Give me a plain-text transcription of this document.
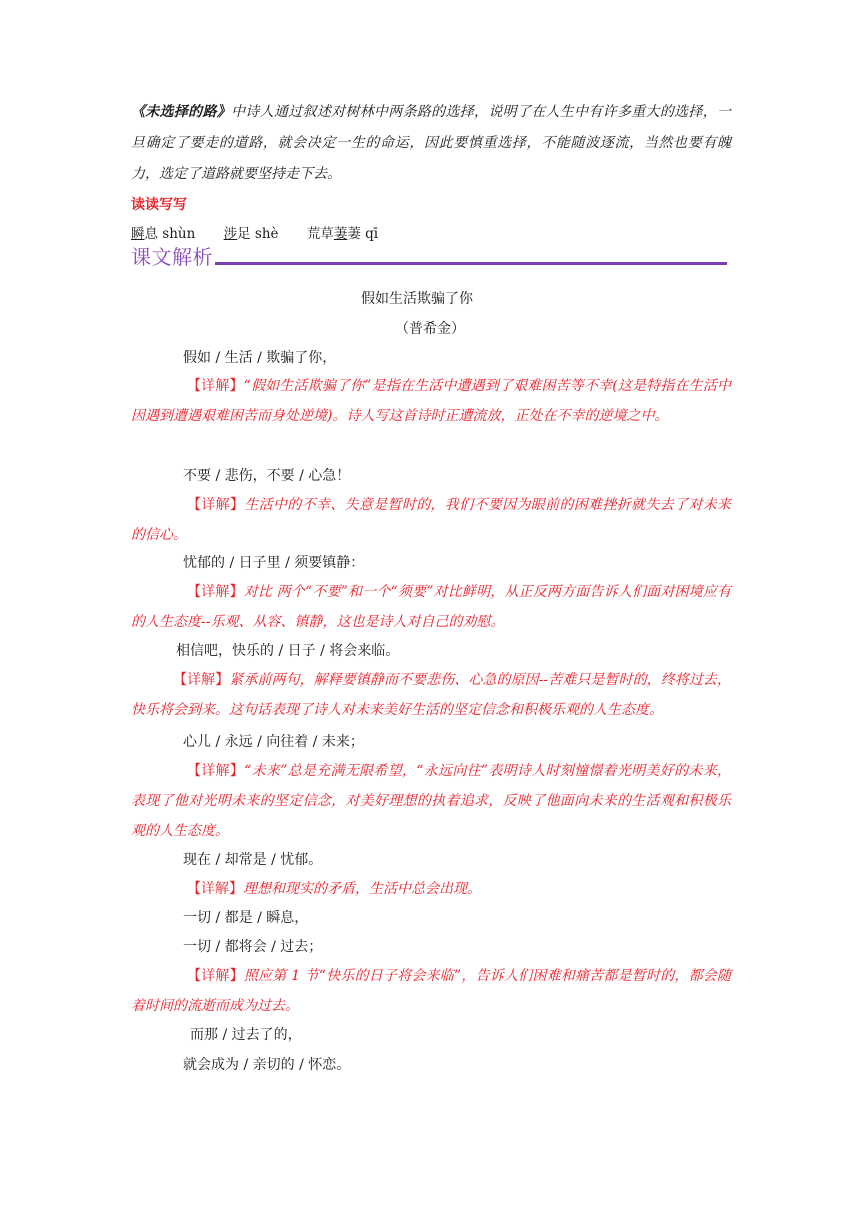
《未选择的路》中诗人通过叙述对树林中两条路的选择，说明了在人生中有许多重大的选择，一旦确定了要走的道路，就会决定一生的命运，因此要慎重选择，不能随波逐流，当然也要有魄力，选定了道路就要坚持走下去。
读读写写
瞬息 shùn 涉足 shè 荒草萋萋 qī
课文解析
假如生活欺骗了你
（普希金）
假如 / 生活 / 欺骗了你，
【详解】“假如生活欺骗了你”是指在生活中遭遇到了艰难困苦等不幸(这是特指在生活中因遇到遭遇艰难困苦而身处逆境)。诗人写这首诗时正遭流放，正处在不幸的逆境之中。
不要 / 悲伤，不要 / 心急！
【详解】生活中的不幸、失意是暂时的，我们不要因为眼前的困难挫折就失去了对未来的信心。
忧郁的 / 日子里 / 须要镇静：
【详解】对比 两个“不要”和一个“须要”对比鲜明，从正反两方面告诉人们面对困境应有的人生态度--乐观、从容、镇静，这也是诗人对自己的劝慰。
相信吧，快乐的 / 日子 / 将会来临。
【详解】紧承前两句，解释要镇静而不要悲伤、心急的原因--苦难只是暂时的，终将过去，快乐将会到来。这句话表现了诗人对未来美好生活的坚定信念和积极乐观的人生态度。
心儿 / 永远 / 向往着 / 未来；
【详解】“未来”总是充满无限希望，“永远向往”表明诗人时刻憧憬着光明美好的未来，表现了他对光明未来的坚定信念，对美好理想的执着追求，反映了他面向未来的生活观和积极乐观的人生态度。
现在 / 却常是 / 忧郁。
【详解】理想和现实的矛盾，生活中总会出现。
一切 / 都是 / 瞬息，
一切 / 都将会 / 过去；
【详解】照应第 1 节“快乐的日子将会来临”，告诉人们困难和痛苦都是暂时的，都会随着时间的流逝而成为过去。
而那 / 过去了的，
就会成为 / 亲切的 / 怀恋。
